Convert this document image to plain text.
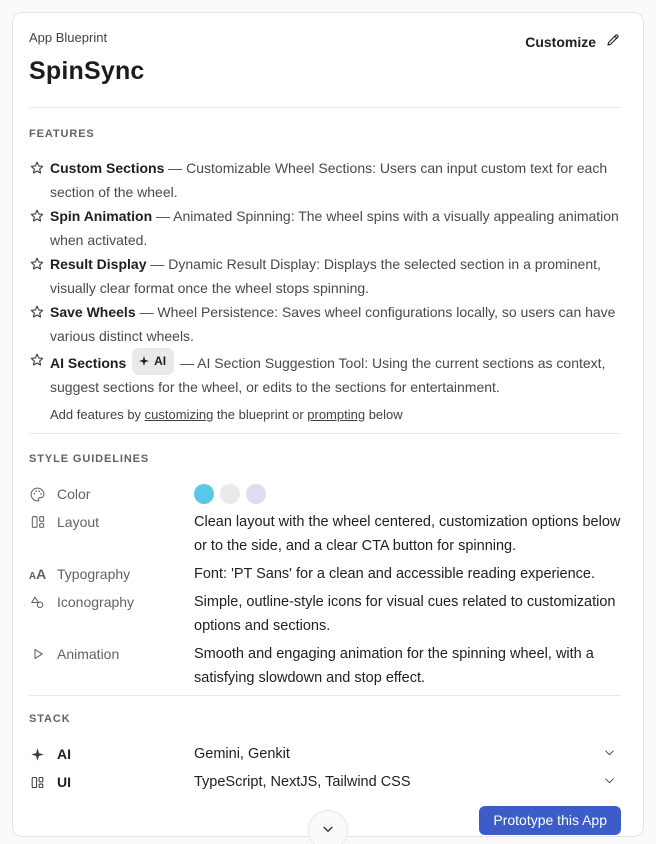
App Blueprint
SpinSync
Customize
FEATURES

Custom Sections — Customizable Wheel Sections: Users can input custom text for each section of the wheel.

Spin Animation — Animated Spinning: The wheel spins with a visually appealing animation when activated.

Result Display — Dynamic Result Display: Displays the selected section in a prominent, visually clear format once the wheel stops spinning.

Save Wheels — Wheel Persistence: Saves wheel configurations locally, so users can have various distinct wheels.

AI Sections AI — AI Section Suggestion Tool: Using the current sections as context, suggest sections for the wheel, or edits to the sections for entertainment.

Add features by customizing the blueprint or prompting below

STYLE GUIDELINES
Color
Layout	Clean layout with the wheel centered, customization options below or to the side, and a clear CTA button for spinning.
A A Typography	Font: 'PT Sans' for a clean and accessible reading experience.
Iconography	Simple, outline-style icons for visual cues related to customization options and sections.
Animation	Smooth and engaging animation for the spinning wheel, with a satisfying slowdown and stop effect.
STACK
AI	Gemini, Genkit
UI	TypeScript, NextJS, Tailwind CSS
Prototype this App
